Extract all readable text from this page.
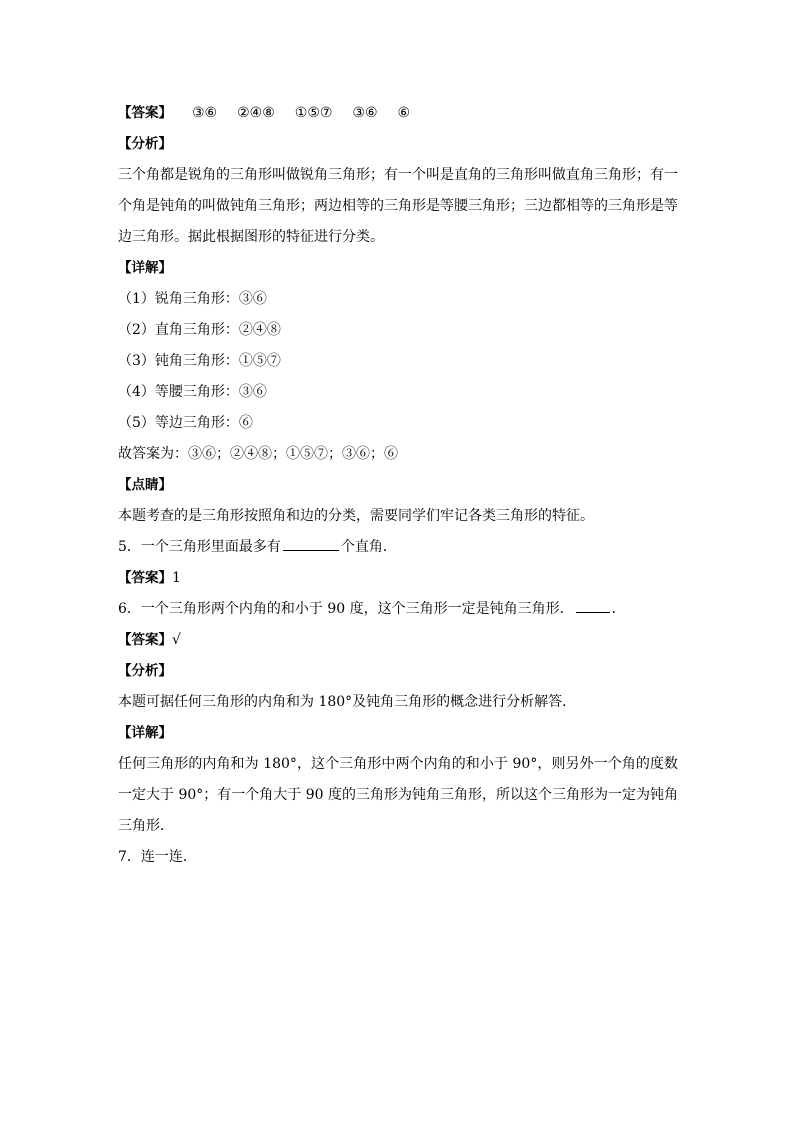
【答案】 ③⑥ ②④⑧ ①⑤⑦ ③⑥ ⑥
【分析】
三个角都是锐角的三角形叫做锐角三角形；有一个叫是直角的三角形叫做直角三角形；有一个角是钝角的叫做钝角三角形；两边相等的三角形是等腰三角形；三边都相等的三角形是等边三角形。据此根据图形的特征进行分类。
【详解】
（1）锐角三角形：③⑥
（2）直角三角形：②④⑧
（3）钝角三角形：①⑤⑦
（4）等腰三角形：③⑥
（5）等边三角形：⑥
故答案为：③⑥；②④⑧；①⑤⑦；③⑥；⑥
【点睛】
本题考查的是三角形按照角和边的分类，需要同学们牢记各类三角形的特征。
5．一个三角形里面最多有	个直角．
【答案】1
6．一个三角形两个内角的和小于 90 度，这个三角形一定是钝角三角形．	．
【答案】√
【分析】
本题可据任何三角形的内角和为 180°及钝角三角形的概念进行分析解答．
【详解】
任何三角形的内角和为 180°，这个三角形中两个内角的和小于 90°，则另外一个角的度数一定大于 90°；有一个角大于 90 度的三角形为钝角三角形，所以这个三角形为一定为钝角三角形．
7．连一连．
